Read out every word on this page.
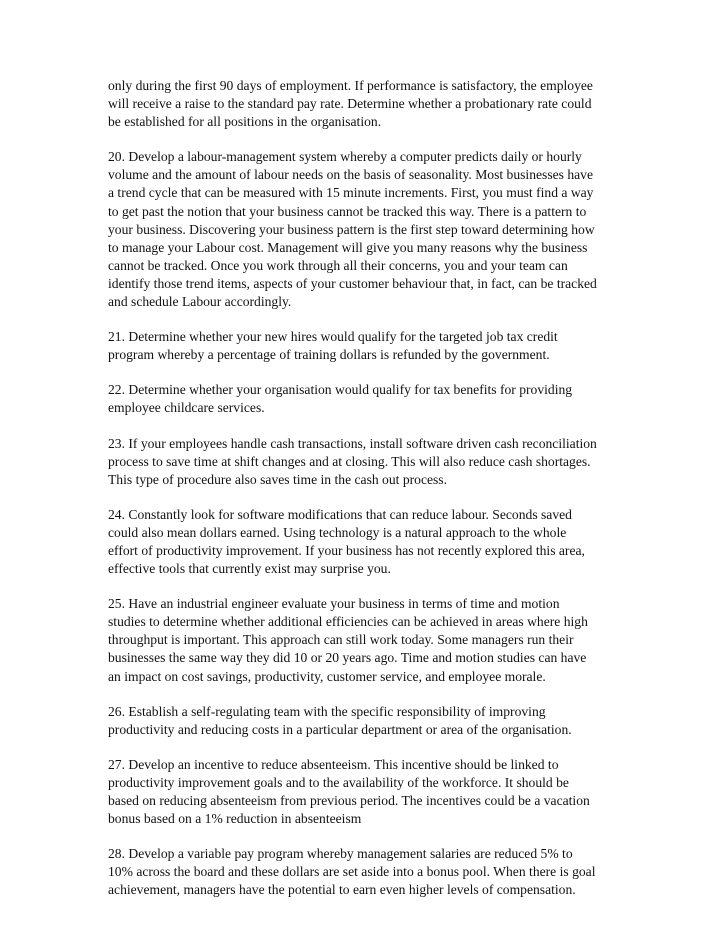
only during the first 90 days of employment. If performance is satisfactory, the employee
will receive a raise to the standard pay rate. Determine whether a probationary rate could
be established for all positions in the organisation.

20. Develop a labour-management system whereby a computer predicts daily or hourly
volume and the amount of labour needs on the basis of seasonality. Most businesses have
a trend cycle that can be measured with 15 minute increments. First, you must find a way
to get past the notion that your business cannot be tracked this way. There is a pattern to
your business. Discovering your business pattern is the first step toward determining how
to manage your Labour cost. Management will give you many reasons why the business
cannot be tracked. Once you work through all their concerns, you and your team can
identify those trend items, aspects of your customer behaviour that, in fact, can be tracked
and schedule Labour accordingly.

21. Determine whether your new hires would qualify for the targeted job tax credit
program whereby a percentage of training dollars is refunded by the government.

22. Determine whether your organisation would qualify for tax benefits for providing
employee childcare services.

23. If your employees handle cash transactions, install software driven cash reconciliation
process to save time at shift changes and at closing. This will also reduce cash shortages.
This type of procedure also saves time in the cash out process.

24. Constantly look for software modifications that can reduce labour. Seconds saved
could also mean dollars earned. Using technology is a natural approach to the whole
effort of productivity improvement. If your business has not recently explored this area,
effective tools that currently exist may surprise you.

25. Have an industrial engineer evaluate your business in terms of time and motion
studies to determine whether additional efficiencies can be achieved in areas where high
throughput is important. This approach can still work today. Some managers run their
businesses the same way they did 10 or 20 years ago. Time and motion studies can have
an impact on cost savings, productivity, customer service, and employee morale.

26. Establish a self-regulating team with the specific responsibility of improving
productivity and reducing costs in a particular department or area of the organisation.

27. Develop an incentive to reduce absenteeism. This incentive should be linked to
productivity improvement goals and to the availability of the workforce. It should be
based on reducing absenteeism from previous period. The incentives could be a vacation
bonus based on a 1% reduction in absenteeism

28. Develop a variable pay program whereby management salaries are reduced 5% to
10% across the board and these dollars are set aside into a bonus pool. When there is goal
achievement, managers have the potential to earn even higher levels of compensation.
